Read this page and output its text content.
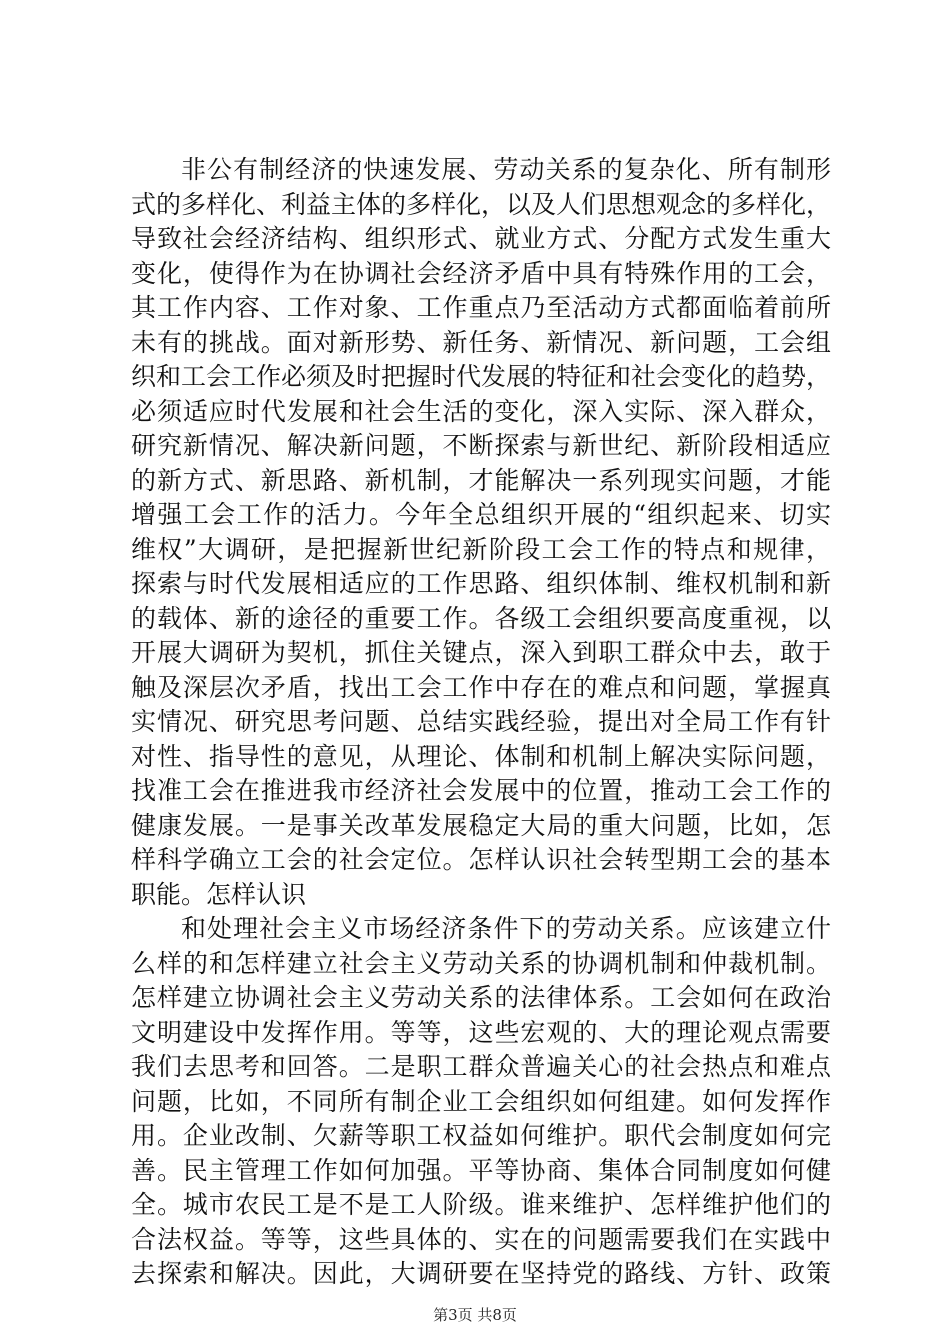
非公有制经济的快速发展、劳动关系的复杂化、所有制形
式的多样化、利益主体的多样化，以及人们思想观念的多样化，
导致社会经济结构、组织形式、就业方式、分配方式发生重大
变化，使得作为在协调社会经济矛盾中具有特殊作用的工会，
其工作内容、工作对象、工作重点乃至活动方式都面临着前所
未有的挑战。面对新形势、新任务、新情况、新问题，工会组
织和工会工作必须及时把握时代发展的特征和社会变化的趋势，
必须适应时代发展和社会生活的变化，深入实际、深入群众，
研究新情况、解决新问题，不断探索与新世纪、新阶段相适应
的新方式、新思路、新机制，才能解决一系列现实问题，才能
增强工会工作的活力。今年全总组织开展的“组织起来、切实
维权”大调研，是把握新世纪新阶段工会工作的特点和规律，
探索与时代发展相适应的工作思路、组织体制、维权机制和新
的载体、新的途径的重要工作。各级工会组织要高度重视，以
开展大调研为契机，抓住关键点，深入到职工群众中去，敢于
触及深层次矛盾，找出工会工作中存在的难点和问题，掌握真
实情况、研究思考问题、总结实践经验，提出对全局工作有针
对性、指导性的意见，从理论、体制和机制上解决实际问题，
找准工会在推进我市经济社会发展中的位置，推动工会工作的
健康发展。一是事关改革发展稳定大局的重大问题，比如，怎
样科学确立工会的社会定位。怎样认识社会转型期工会的基本
职能。怎样认识
和处理社会主义市场经济条件下的劳动关系。应该建立什
么样的和怎样建立社会主义劳动关系的协调机制和仲裁机制。
怎样建立协调社会主义劳动关系的法律体系。工会如何在政治
文明建设中发挥作用。等等，这些宏观的、大的理论观点需要
我们去思考和回答。二是职工群众普遍关心的社会热点和难点
问题，比如，不同所有制企业工会组织如何组建。如何发挥作
用。企业改制、欠薪等职工权益如何维护。职代会制度如何完
善。民主管理工作如何加强。平等协商、集体合同制度如何健
全。城市农民工是不是工人阶级。谁来维护、怎样维护他们的
合法权益。等等，这些具体的、实在的问题需要我们在实践中
去探索和解决。因此，大调研要在坚持党的路线、方针、政策
第3页 共8页
